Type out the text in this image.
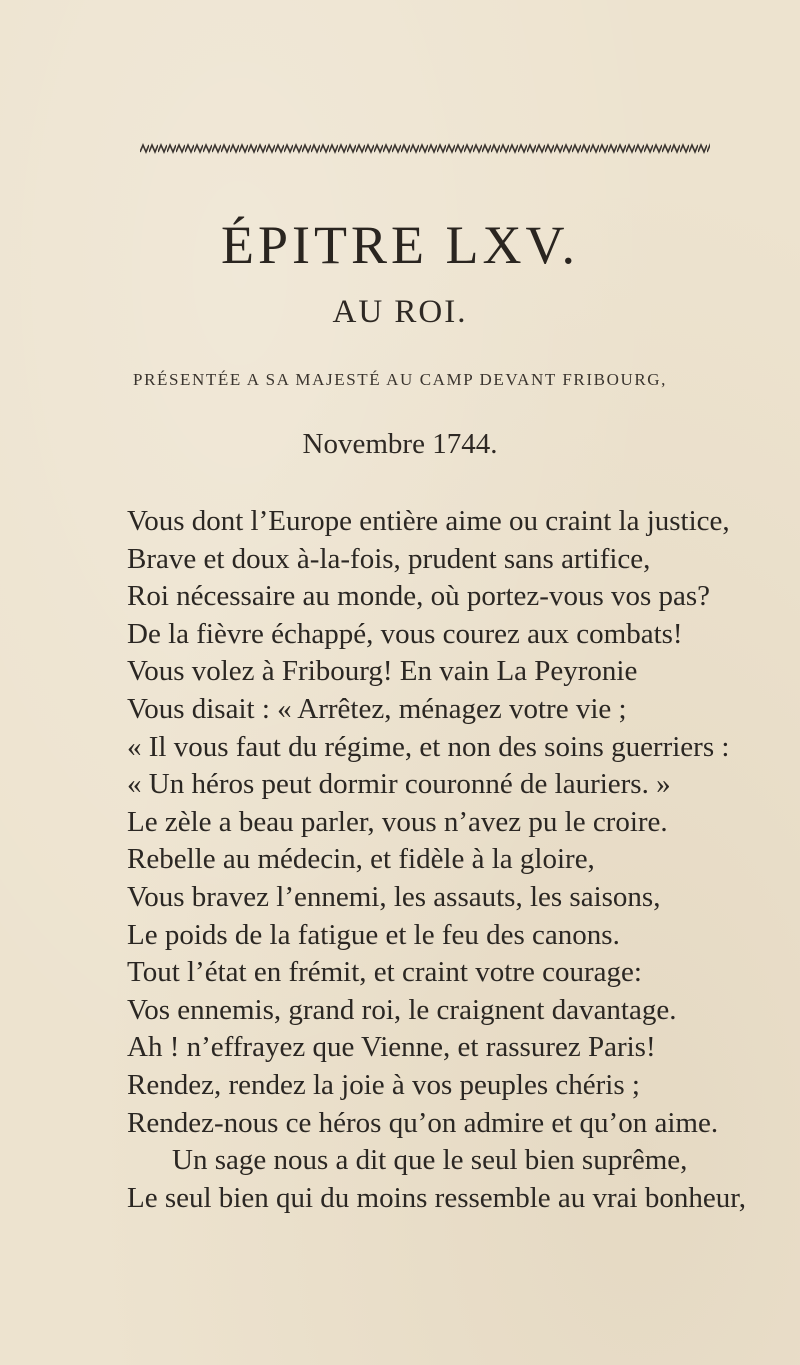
ÉPITRE LXV.
AU ROI.
PRÉSENTÉE A SA MAJESTÉ AU CAMP DEVANT FRIBOURG,
Novembre 1744.
Vous dont l’Europe entière aime ou craint la justice,
Brave et doux à-la-fois, prudent sans artifice,
Roi nécessaire au monde, où portez-vous vos pas?
De la fièvre échappé, vous courez aux combats!
Vous volez à Fribourg! En vain La Peyronie
Vous disait : « Arrêtez, ménagez votre vie ;
« Il vous faut du régime, et non des soins guerriers :
« Un héros peut dormir couronné de lauriers. »
Le zèle a beau parler, vous n’avez pu le croire.
Rebelle au médecin, et fidèle à la gloire,
Vous bravez l’ennemi, les assauts, les saisons,
Le poids de la fatigue et le feu des canons.
Tout l’état en frémit, et craint votre courage:
Vos ennemis, grand roi, le craignent davantage.
Ah ! n’effrayez que Vienne, et rassurez Paris!
Rendez, rendez la joie à vos peuples chéris ;
Rendez-nous ce héros qu’on admire et qu’on aime.
Un sage nous a dit que le seul bien suprême,
Le seul bien qui du moins ressemble au vrai bonheur,
